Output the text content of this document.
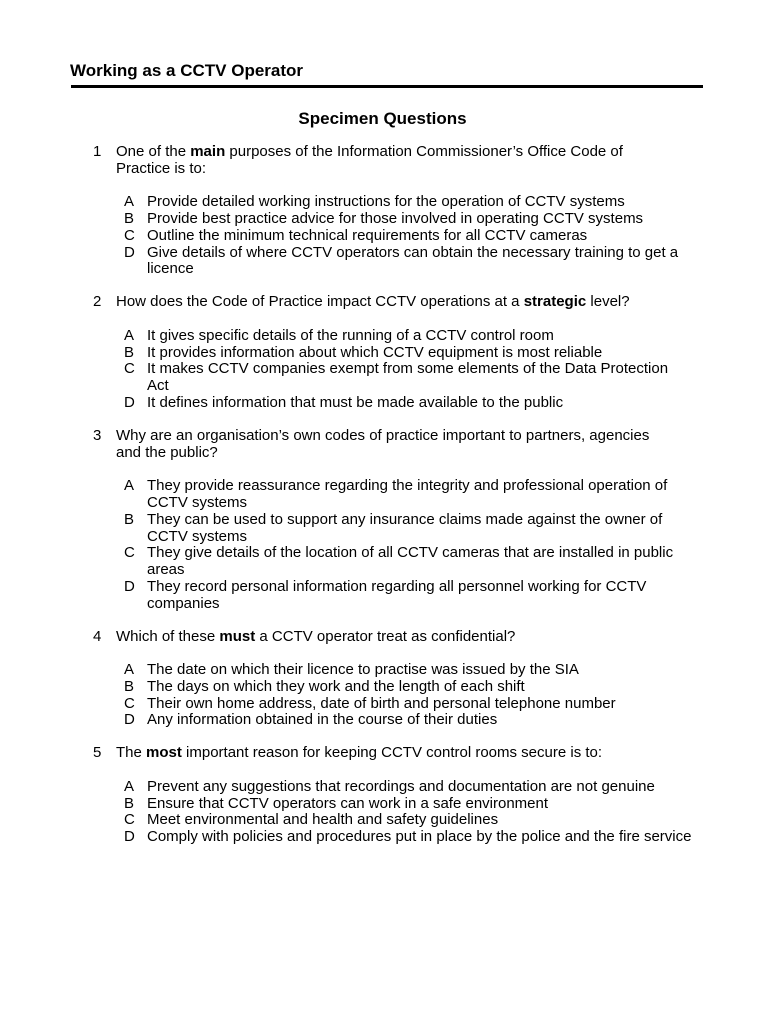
Working as a CCTV Operator
Specimen Questions
1 One of the main purposes of the Information Commissioner’s Office Code of Practice is to:
A Provide detailed working instructions for the operation of CCTV systems
B Provide best practice advice for those involved in operating CCTV systems
C Outline the minimum technical requirements for all CCTV cameras
D Give details of where CCTV operators can obtain the necessary training to get a licence
2 How does the Code of Practice impact CCTV operations at a strategic level?
A It gives specific details of the running of a CCTV control room
B It provides information about which CCTV equipment is most reliable
C It makes CCTV companies exempt from some elements of the Data Protection Act
D It defines information that must be made available to the public
3 Why are an organisation’s own codes of practice important to partners, agencies and the public?
A They provide reassurance regarding the integrity and professional operation of CCTV systems
B They can be used to support any insurance claims made against the owner of CCTV systems
C They give details of the location of all CCTV cameras that are installed in public areas
D They record personal information regarding all personnel working for CCTV companies
4 Which of these must a CCTV operator treat as confidential?
A The date on which their licence to practise was issued by the SIA
B The days on which they work and the length of each shift
C Their own home address, date of birth and personal telephone number
D Any information obtained in the course of their duties
5 The most important reason for keeping CCTV control rooms secure is to:
A Prevent any suggestions that recordings and documentation are not genuine
B Ensure that CCTV operators can work in a safe environment
C Meet environmental and health and safety guidelines
D Comply with policies and procedures put in place by the police and the fire service
